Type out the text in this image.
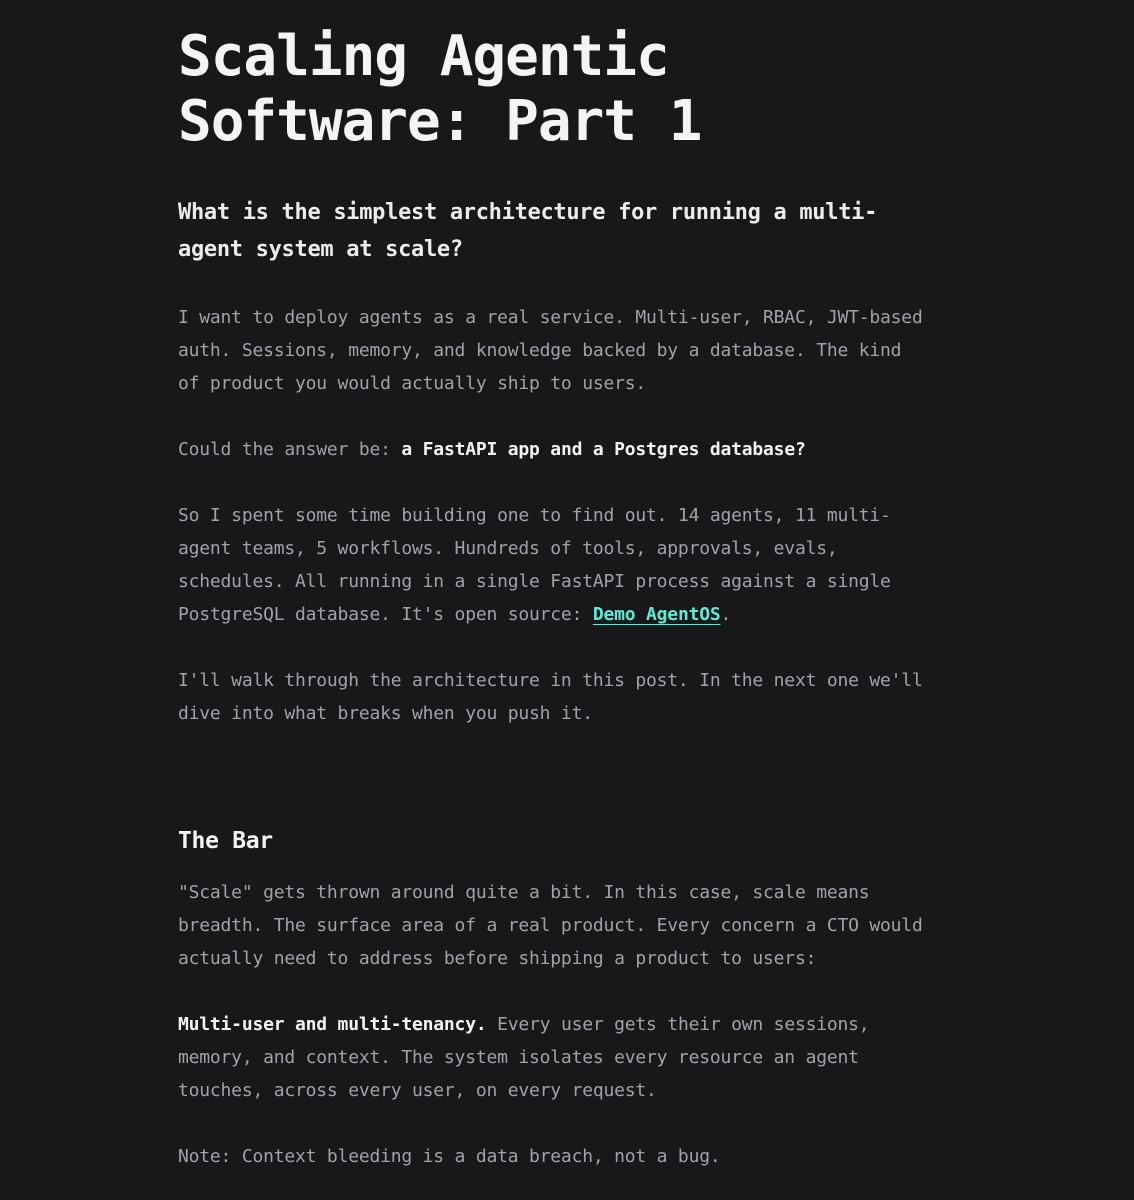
Scaling Agentic
Software: Part 1
What is the simplest architecture for running a multi-
agent system at scale?

I want to deploy agents as a real service. Multi-user, RBAC, JWT-based
auth. Sessions, memory, and knowledge backed by a database. The kind
of product you would actually ship to users.

Could the answer be: a FastAPI app and a Postgres database?

So I spent some time building one to find out. 14 agents, 11 multi-
agent teams, 5 workflows. Hundreds of tools, approvals, evals,
schedules. All running in a single FastAPI process against a single
PostgreSQL database. It's open source: Demo AgentOS.

I'll walk through the architecture in this post. In the next one we'll
dive into what breaks when you push it.

The Bar

"Scale" gets thrown around quite a bit. In this case, scale means
breadth. The surface area of a real product. Every concern a CTO would
actually need to address before shipping a product to users:

Multi-user and multi-tenancy. Every user gets their own sessions,
memory, and context. The system isolates every resource an agent
touches, across every user, on every request.

Note: Context bleeding is a data breach, not a bug.
